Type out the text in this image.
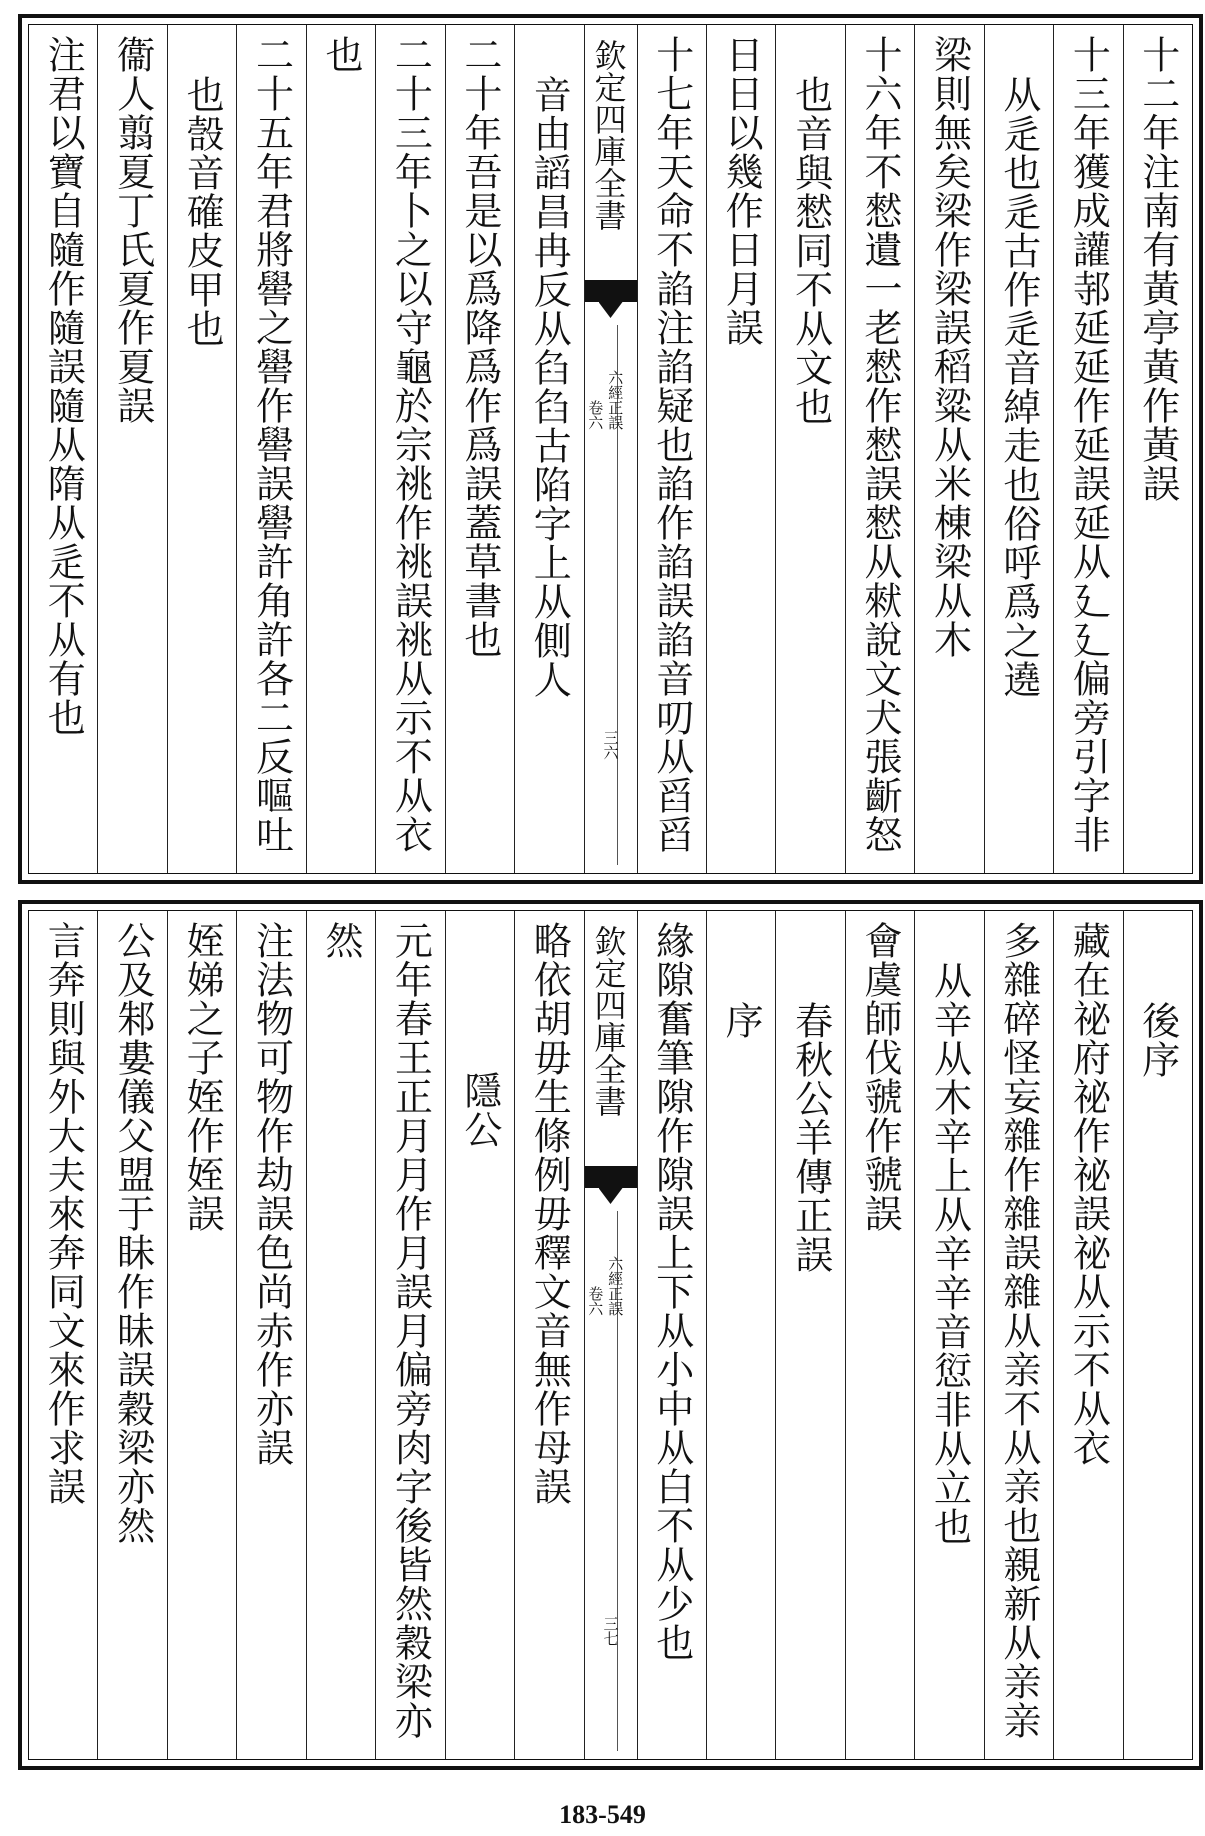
十二年注南有黃亭黃作黃誤
十三年獲成讙邿延延作延誤延从廴廴偏旁引字非
从辵也辵古作辵音綽走也俗呼爲之遶
梁則無矣梁作梁誤稻粱从米棟梁从木
十六年不憖遺一老憖作憖誤憖从猌說文犬張齗怒
也音與憖同不从文也
日日以幾作日月誤
十七年天命不諂注諂疑也諂作諂誤諂音叨从舀舀
欽定四庫全書
六經正誤
卷六
三六
音由謟昌冉反从臽臽古陷字上从側人
二十年吾是以爲降爲作爲誤蓋草書也
二十三年卜之以守龜於宗祧作祧誤祧从示不从衣
也
二十五年君將嚳之嚳作嚳誤嚳許角許各二反嘔吐
也嗀音確皮甲也
衞人翦夏丁氏夏作夏誤
注君以寶自隨作隨誤隨从隋从辵不从有也
後序
藏在祕府祕作祕誤祕从示不从衣
多雜碎怪妄雜作雜誤雜从亲不从亲也親新从亲亲
从辛从木辛上从辛辛音愆非从立也
會虞師伐虢作虢誤
春秋公羊傳正誤
序
緣隙奮筆隙作隙誤上下从小中从白不从少也
欽定四庫全書
六經正誤
卷六
三七
略依胡毋生條例毋釋文音無作母誤
隱公
元年春王正月月作月誤月偏旁肉字後皆然穀梁亦
然
注法物可物作劫誤色尚赤作亦誤
姪娣之子姪作姪誤
公及邾婁儀父盟于眛作昧誤穀梁亦然
言奔則與外大夫來奔同文來作求誤
183-549
